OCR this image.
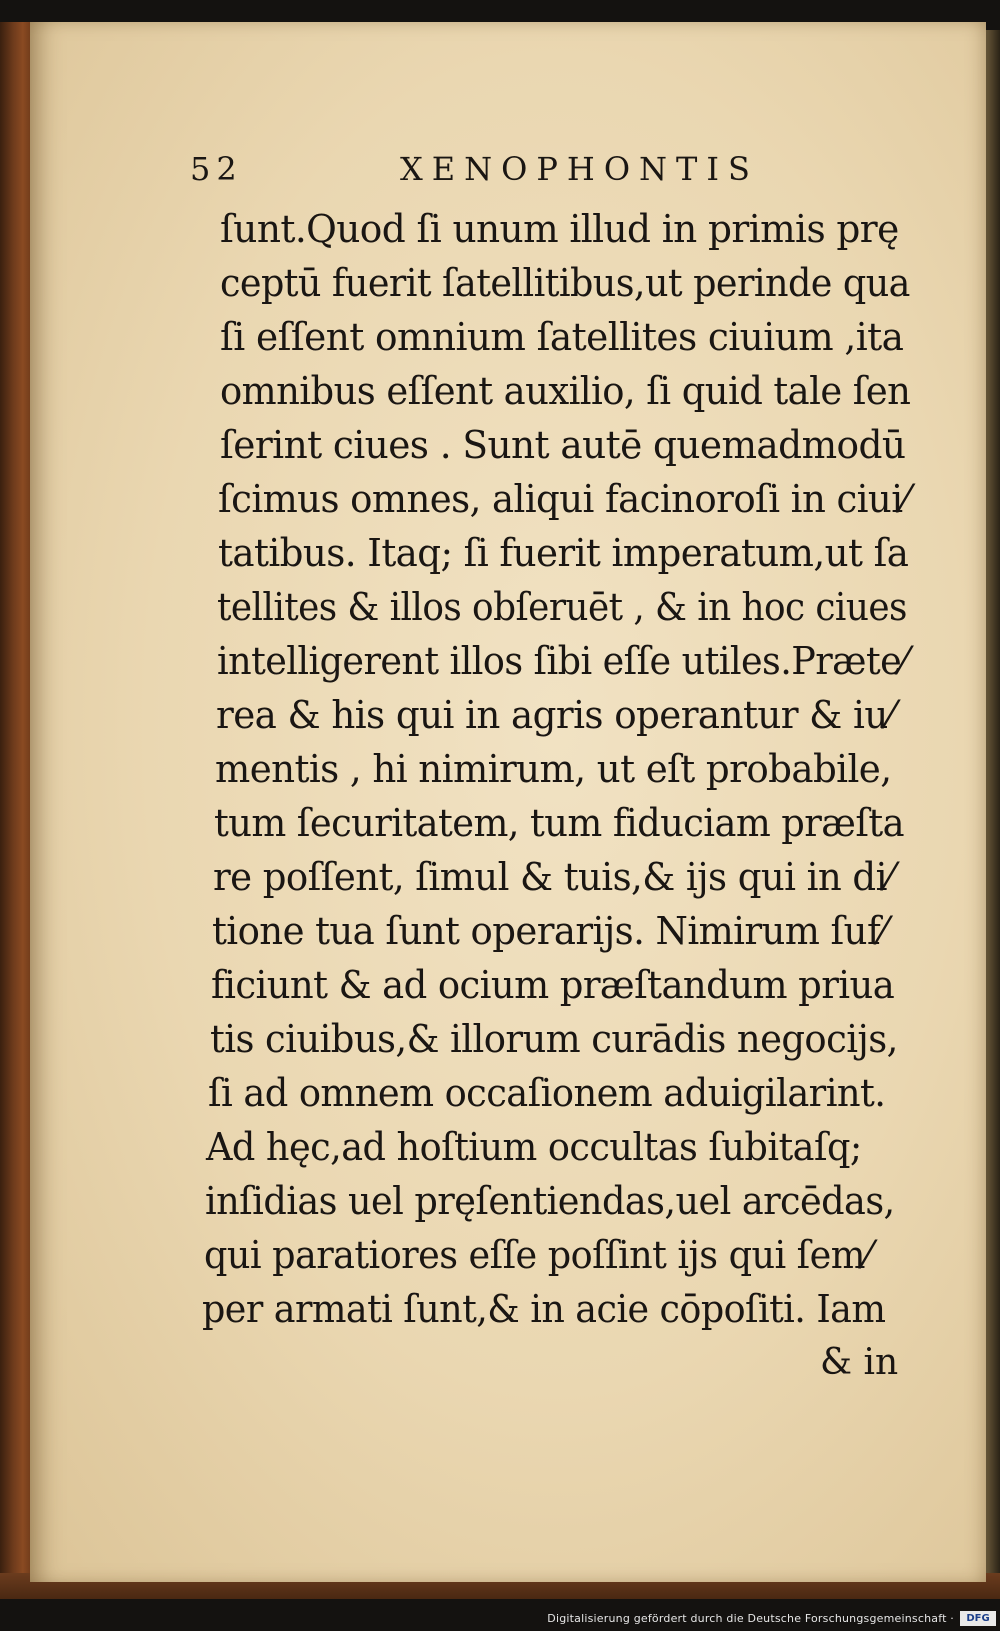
52	XENOPHONTIS
ſunt.Quod ſi unum illud in primis prę
ceptū fuerit ſatellitibus,ut perinde qua
ſi eſſent omnium ſatellites ciuium ,ita
omnibus eſſent auxilio, ſi quid tale ſen
ſerint ciues . Sunt autē quemadmodū
ſcimus omnes, aliqui facinoroſi in ciui⁄
tatibus. Itaq; ſi fuerit imperatum,ut ſa
tellites & illos obſeruēt , & in hoc ciues
intelligerent illos ſibi eſſe utiles.Præte⁄
rea & his qui in agris operantur & iu⁄
mentis , hi nimirum, ut eſt probabile,
tum ſecuritatem, tum fiduciam præſta
re poſſent, ſimul & tuis,& ijs qui in di⁄
tione tua ſunt operarijs. Nimirum ſuf⁄
ficiunt & ad ocium præſtandum priua
tis ciuibus,& illorum curādis negocijs,
ſi ad omnem occaſionem aduigilarint.
Ad hęc,ad hoſtium occultas ſubitaſq;
inſidias uel pręſentiendas,uel arcēdas,
qui paratiores eſſe poſſint ijs qui ſem⁄
per armati ſunt,& in acie cōpoſiti. Iam
& in
Digitalisierung gefördert durch die Deutsche Forschungsgemeinschaft ·	DFG
